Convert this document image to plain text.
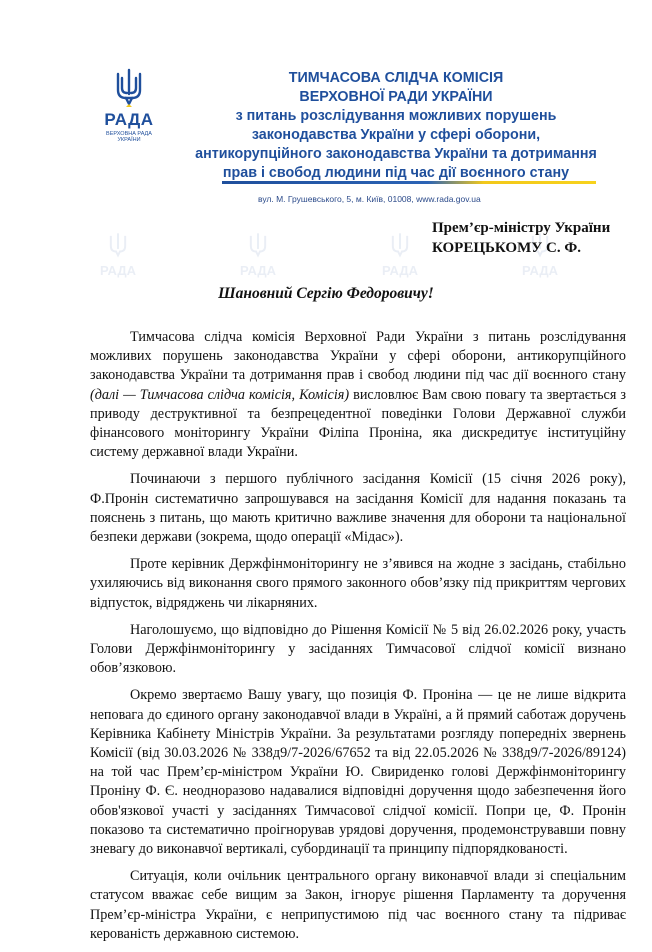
РАДА
ВЕРХОВНА РАДА
УКРАЇНИ
ТИМЧАСОВА СЛІДЧА КОМІСІЯ
ВЕРХОВНОЇ РАДИ УКРАЇНИ
з питань розслідування можливих порушень
законодавства України у сфері оборони,
антикорупційного законодавства України та дотримання
прав і свобод людини під час дії воєнного стану
вул. М. Грушевського, 5, м. Київ, 01008, www.rada.gov.ua
РАДА	РАДА	РАДА	РАДА
Прем’єр-міністру України
КОРЕЦЬКОМУ С. Ф.
Шановний Сергію Федоровичу!

Тимчасова слідча комісія Верховної Ради України з питань розслідування можливих порушень законодавства України у сфері оборони, антикорупційного законодавства України та дотримання прав і свобод людини під час дії воєнного стану (далі — Тимчасова слідча комісія, Комісія) висловлює Вам свою повагу та звертається з приводу деструктивної та безпрецедентної поведінки Голови Державної служби фінансового моніторингу України Філіпа Проніна, яка дискредитує інституційну систему державної влади України.

Починаючи з першого публічного засідання Комісії (15 січня 2026 року), Ф.Пронін систематично запрошувався на засідання Комісії для надання показань та пояснень з питань, що мають критично важливе значення для оборони та національної безпеки держави (зокрема, щодо операції «Мідас»).

Проте керівник Держфінмоніторингу не з’явився на жодне з засідань, стабільно ухиляючись від виконання свого прямого законного обов’язку під прикриттям чергових відпусток, відряджень чи лікарняних.

Наголошуємо, що відповідно до Рішення Комісії № 5 від 26.02.2026 року, участь Голови Держфінмоніторингу у засіданнях Тимчасової слідчої комісії визнано обов’язковою.

Окремо звертаємо Вашу увагу, що позиція Ф. Проніна — це не лише відкрита неповага до єдиного органу законодавчої влади в Україні, а й прямий саботаж доручень Керівника Кабінету Міністрів України. За результатами розгляду попередніх звернень Комісії (від 30.03.2026 № 338д9/7-2026/67652 та від 22.05.2026 № 338д9/7-2026/89124) на той час Прем’єр-міністром України Ю. Свириденко голові Держфінмоніторингу Проніну Ф. Є. неодноразово надавалися відповідні доручення щодо забезпечення його обов'язкової участі у засіданнях Тимчасової слідчої комісії. Попри це, Ф. Пронін показово та систематично проігнорував урядові доручення, продемонструвавши повну зневагу до виконавчої вертикалі, субординації та принципу підпорядкованості.

Ситуація, коли очільник центрального органу виконавчої влади зі спеціальним статусом вважає себе вищим за Закон, ігнорує рішення Парламенту та доручення Прем’єр-міністра України, є неприпустимою під час воєнного стану та підриває керованість державною системою.
